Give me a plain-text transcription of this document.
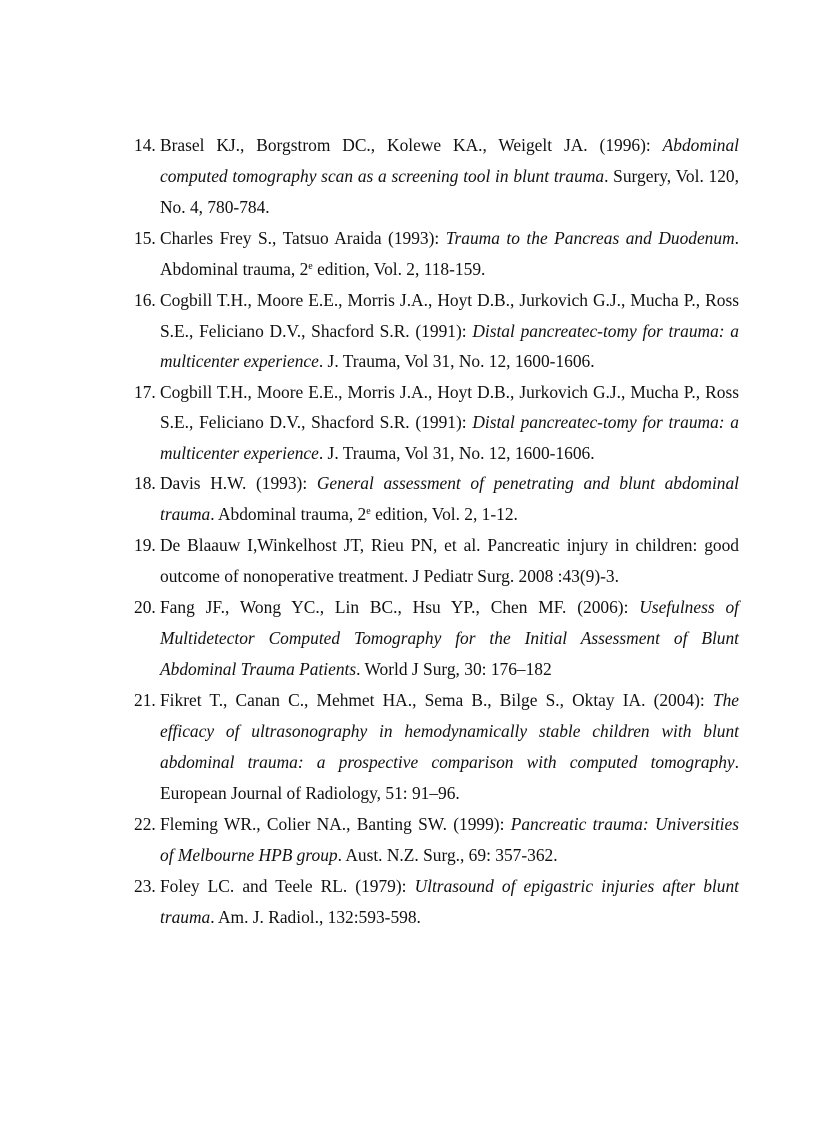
14. Brasel KJ., Borgstrom DC., Kolewe KA., Weigelt JA. (1996): Abdominal computed tomography scan as a screening tool in blunt trauma. Surgery, Vol. 120, No. 4, 780-784.
15. Charles Frey S., Tatsuo Araida (1993): Trauma to the Pancreas and Duodenum. Abdominal trauma, 2e edition, Vol. 2, 118-159.
16. Cogbill T.H., Moore E.E., Morris J.A., Hoyt D.B., Jurkovich G.J., Mucha P., Ross S.E., Feliciano D.V., Shacford S.R. (1991): Distal pancreatec-tomy for trauma: a multicenter experience. J. Trauma, Vol 31, No. 12, 1600-1606.
17. Cogbill T.H., Moore E.E., Morris J.A., Hoyt D.B., Jurkovich G.J., Mucha P., Ross S.E., Feliciano D.V., Shacford S.R. (1991): Distal pancreatec-tomy for trauma: a multicenter experience. J. Trauma, Vol 31, No. 12, 1600-1606.
18. Davis H.W. (1993): General assessment of penetrating and blunt abdominal trauma. Abdominal trauma, 2e edition, Vol. 2, 1-12.
19. De Blaauw I,Winkelhost JT, Rieu PN, et al. Pancreatic injury in children: good outcome of nonoperative treatment. J Pediatr Surg. 2008 :43(9)-3.
20. Fang JF., Wong YC., Lin BC., Hsu YP., Chen MF. (2006): Usefulness of Multidetector Computed Tomography for the Initial Assessment of Blunt Abdominal Trauma Patients. World J Surg, 30: 176–182
21. Fikret T., Canan C., Mehmet HA., Sema B., Bilge S., Oktay IA. (2004): The efficacy of ultrasonography in hemodynamically stable children with blunt abdominal trauma: a prospective comparison with computed tomography. European Journal of Radiology, 51: 91–96.
22. Fleming WR., Colier NA., Banting SW. (1999): Pancreatic trauma: Universities of Melbourne HPB group. Aust. N.Z. Surg., 69: 357-362.
23. Foley LC. and Teele RL. (1979): Ultrasound of epigastric injuries after blunt trauma. Am. J. Radiol., 132:593-598.
